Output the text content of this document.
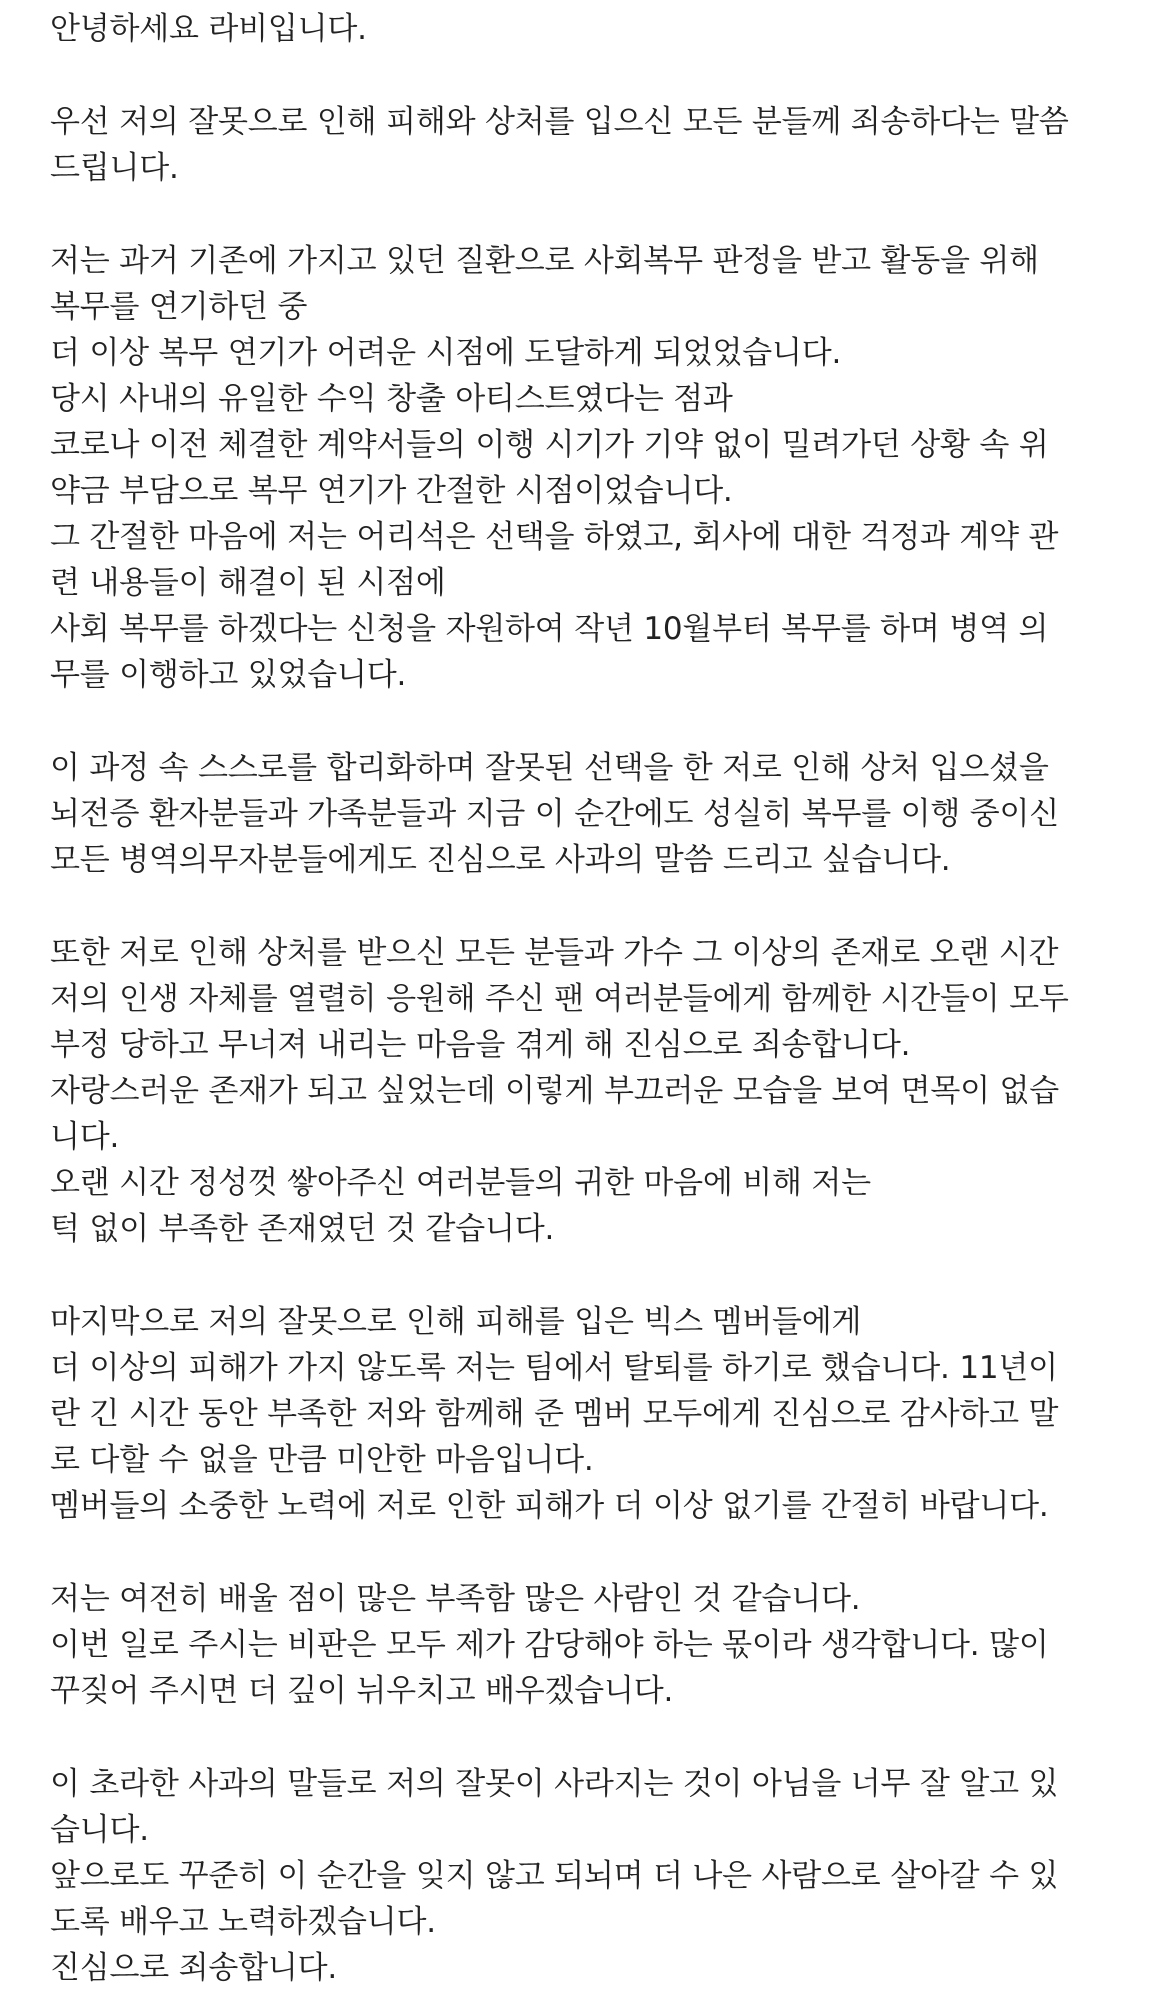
안녕하세요 라비입니다.
우선 저의 잘못으로 인해 피해와 상처를 입으신 모든 분들께 죄송하다는 말씀
드립니다.
저는 과거 기존에 가지고 있던 질환으로 사회복무 판정을 받고 활동을 위해
복무를 연기하던 중
더 이상 복무 연기가 어려운 시점에 도달하게 되었었습니다.
당시 사내의 유일한 수익 창출 아티스트였다는 점과
코로나 이전 체결한 계약서들의 이행 시기가 기약 없이 밀려가던 상황 속 위
약금 부담으로 복무 연기가 간절한 시점이었습니다.
그 간절한 마음에 저는 어리석은 선택을 하였고, 회사에 대한 걱정과 계약 관
련 내용들이 해결이 된 시점에
사회 복무를 하겠다는 신청을 자원하여 작년 10월부터 복무를 하며 병역 의
무를 이행하고 있었습니다.
이 과정 속 스스로를 합리화하며 잘못된 선택을 한 저로 인해 상처 입으셨을
뇌전증 환자분들과 가족분들과 지금 이 순간에도 성실히 복무를 이행 중이신
모든 병역의무자분들에게도 진심으로 사과의 말씀 드리고 싶습니다.
또한 저로 인해 상처를 받으신 모든 분들과 가수 그 이상의 존재로 오랜 시간
저의 인생 자체를 열렬히 응원해 주신 팬 여러분들에게 함께한 시간들이 모두
부정 당하고 무너져 내리는 마음을 겪게 해 진심으로 죄송합니다.
자랑스러운 존재가 되고 싶었는데 이렇게 부끄러운 모습을 보여 면목이 없습
니다.
오랜 시간 정성껏 쌓아주신 여러분들의 귀한 마음에 비해 저는
턱 없이 부족한 존재였던 것 같습니다.
마지막으로 저의 잘못으로 인해 피해를 입은 빅스 멤버들에게
더 이상의 피해가 가지 않도록 저는 팀에서 탈퇴를 하기로 했습니다. 11년이
란 긴 시간 동안 부족한 저와 함께해 준 멤버 모두에게 진심으로 감사하고 말
로 다할 수 없을 만큼 미안한 마음입니다.
멤버들의 소중한 노력에 저로 인한 피해가 더 이상 없기를 간절히 바랍니다.
저는 여전히 배울 점이 많은 부족함 많은 사람인 것 같습니다.
이번 일로 주시는 비판은 모두 제가 감당해야 하는 몫이라 생각합니다. 많이
꾸짖어 주시면 더 깊이 뉘우치고 배우겠습니다.
이 초라한 사과의 말들로 저의 잘못이 사라지는 것이 아님을 너무 잘 알고 있
습니다.
앞으로도 꾸준히 이 순간을 잊지 않고 되뇌며 더 나은 사람으로 살아갈 수 있
도록 배우고 노력하겠습니다.
진심으로 죄송합니다.
